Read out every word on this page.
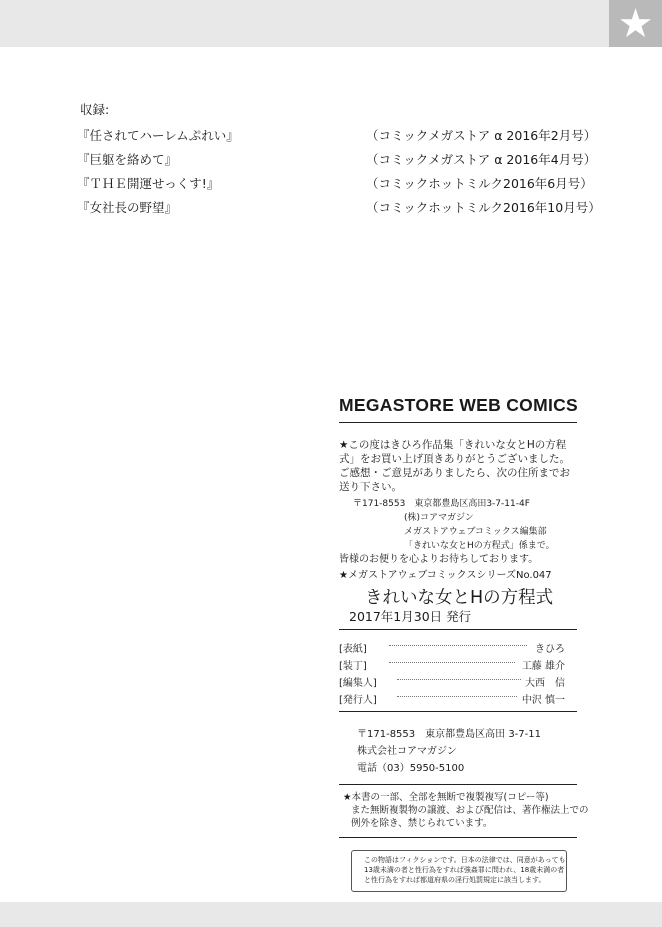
★
収録:
『任されてハーレムぷれい』	（コミックメガストア α 2016年2月号）
『巨躯を絡めて』	（コミックメガストア α 2016年4月号）
『ＴＨＥ開運せっくす!』	（コミックホットミルク2016年6月号）
『女社長の野望』	（コミックホットミルク2016年10月号）
MEGASTORE WEB COMICS
★この度はきひろ作品集「きれいな女とHの方程
式」をお買い上げ頂きありがとうございました。
ご感想・ご意見がありましたら、次の住所までお
送り下さい。
〒171-8553　東京都豊島区高田3-7-11-4F
(株)コアマガジン
メガストアウェブコミックス編集部
「きれいな女とHの方程式」係まで。
皆様のお便りを心よりお待ちしております。
★メガストアウェブコミックスシリーズNo.047
きれいな女とHの方程式
2017年1月30日 発行
[表紙]	きひろ
[装丁]	工藤 雄介
[編集人]	大西　信
[発行人]	中沢 慎一
〒171-8553　東京都豊島区高田 3-7-11
株式会社コアマガジン
電話（03）5950-5100
★本書の一部、全部を無断で複製複写(コピー等)
また無断複製物の譲渡、および配信は、著作権法上での
例外を除き、禁じられています。
この物語はフィクションです。日本の法律では、同意があっても
13歳未満の者と性行為をすれば強姦罪に問われ、18歳未満の者
と性行為をすれば都道府県の淫行処罰規定に該当します。
